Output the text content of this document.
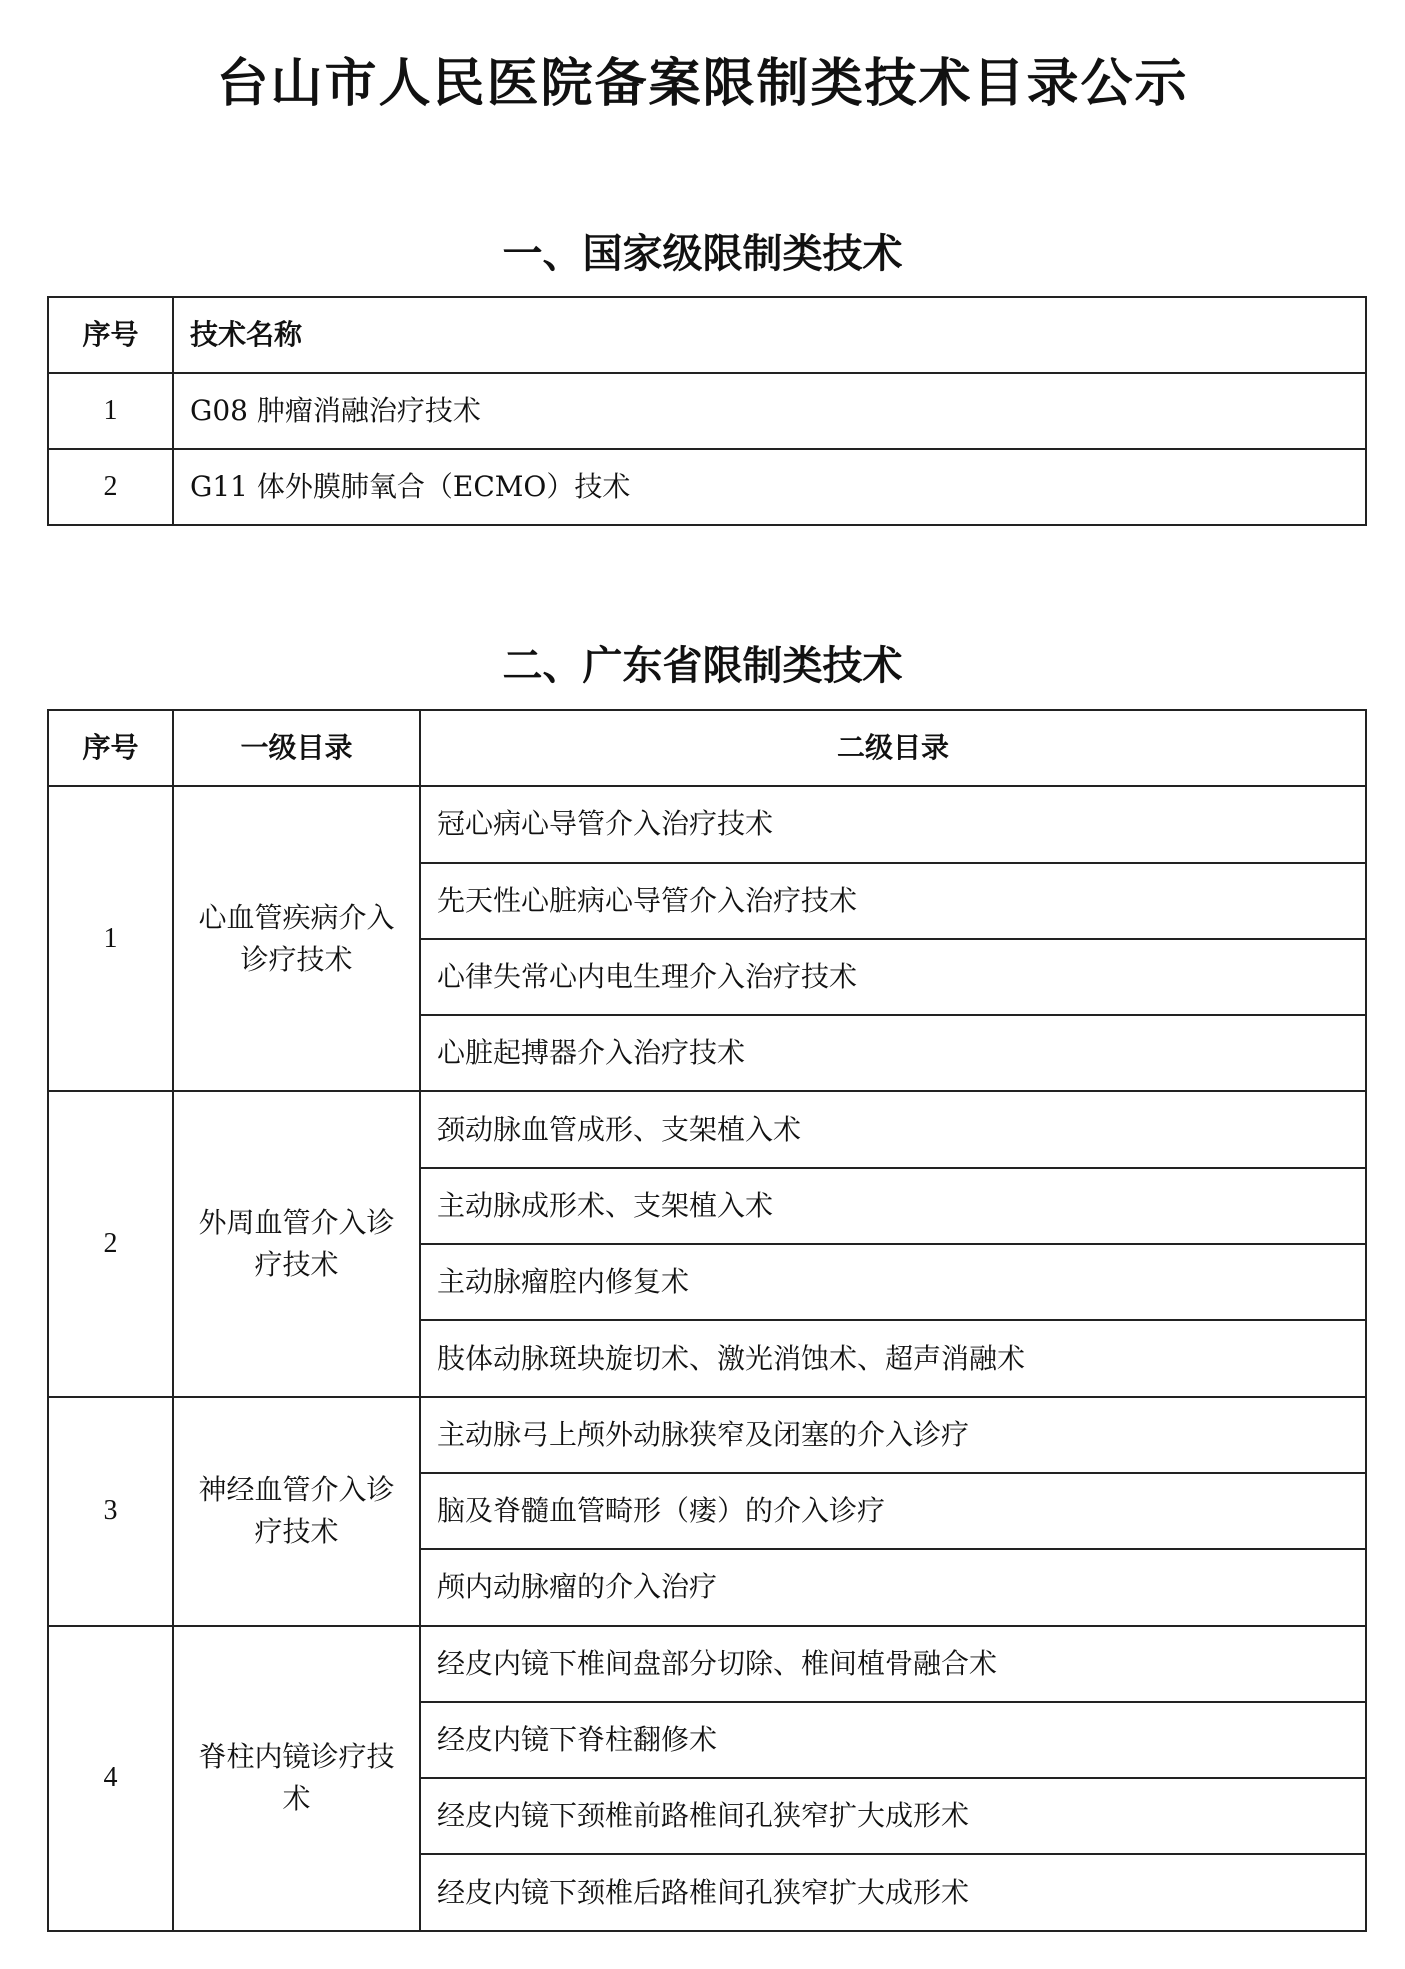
台山市人民医院备案限制类技术目录公示
一、国家级限制类技术
序号	技术名称
1	G08 肿瘤消融治疗技术
2	G11 体外膜肺氧合（ECMO）技术
二、广东省限制类技术
序号	一级目录	二级目录
1	心血管疾病介入诊疗技术	冠心病心导管介入治疗技术
		先天性心脏病心导管介入治疗技术
		心律失常心内电生理介入治疗技术
		心脏起搏器介入治疗技术
2	外周血管介入诊疗技术	颈动脉血管成形、支架植入术
		主动脉成形术、支架植入术
		主动脉瘤腔内修复术
		肢体动脉斑块旋切术、激光消蚀术、超声消融术
3	神经血管介入诊疗技术	主动脉弓上颅外动脉狭窄及闭塞的介入诊疗
		脑及脊髓血管畸形（瘘）的介入诊疗
		颅内动脉瘤的介入治疗
4	脊柱内镜诊疗技术	经皮内镜下椎间盘部分切除、椎间植骨融合术
		经皮内镜下脊柱翻修术
		经皮内镜下颈椎前路椎间孔狭窄扩大成形术
		经皮内镜下颈椎后路椎间孔狭窄扩大成形术
